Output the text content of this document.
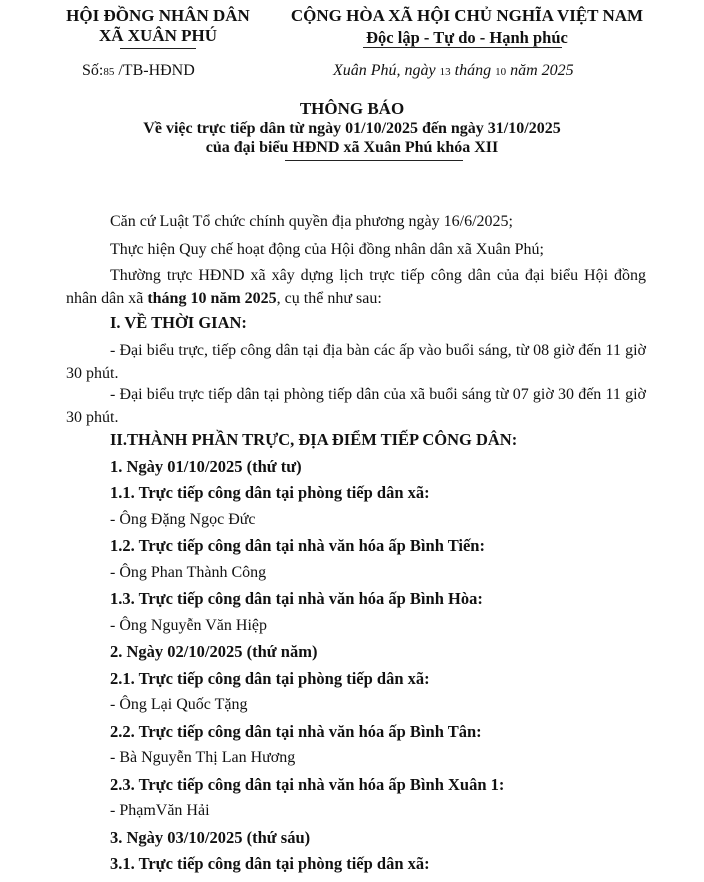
HỘI ĐỒNG NHÂN DÂN
XÃ XUÂN PHÚ
CỘNG HÒA XÃ HỘI CHỦ NGHĨA VIỆT NAM
Độc lập - Tự do - Hạnh phúc
Số:85 /TB-HĐND	Xuân Phú, ngày 13 tháng 10 năm 2025
THÔNG BÁO
Về việc trực tiếp dân từ ngày 01/10/2025 đến ngày 31/10/2025
của đại biểu HĐND xã Xuân Phú khóa XII
Căn cứ Luật Tổ chức chính quyền địa phương ngày 16/6/2025;
Thực hiện Quy chế hoạt động của Hội đồng nhân dân xã Xuân Phú;
Thường trực HĐND xã xây dựng lịch trực tiếp công dân của đại biểu Hội đồng nhân dân xã tháng 10 năm 2025, cụ thể như sau:
I. VỀ THỜI GIAN:
- Đại biểu trực, tiếp công dân tại địa bàn các ấp vào buổi sáng, từ 08 giờ đến 11 giờ 30 phút.
- Đại biểu trực tiếp dân tại phòng tiếp dân của xã buổi sáng từ 07 giờ 30 đến 11 giờ 30 phút.
II.THÀNH PHẦN TRỰC, ĐỊA ĐIỂM TIẾP CÔNG DÂN:
1. Ngày 01/10/2025 (thứ tư)
1.1. Trực tiếp công dân tại phòng tiếp dân xã:
- Ông Đặng Ngọc Đức
1.2. Trực tiếp công dân tại nhà văn hóa ấp Bình Tiến:
- Ông Phan Thành Công
1.3. Trực tiếp công dân tại nhà văn hóa ấp Bình Hòa:
- Ông Nguyễn Văn Hiệp
2. Ngày 02/10/2025 (thứ năm)
2.1. Trực tiếp công dân tại phòng tiếp dân xã:
- Ông Lại Quốc Tặng
2.2. Trực tiếp công dân tại nhà văn hóa ấp Bình Tân:
- Bà Nguyễn Thị Lan Hương
2.3. Trực tiếp công dân tại nhà văn hóa ấp Bình Xuân 1:
- PhạmVăn Hải
3. Ngày 03/10/2025 (thứ sáu)
3.1. Trực tiếp công dân tại phòng tiếp dân xã:
